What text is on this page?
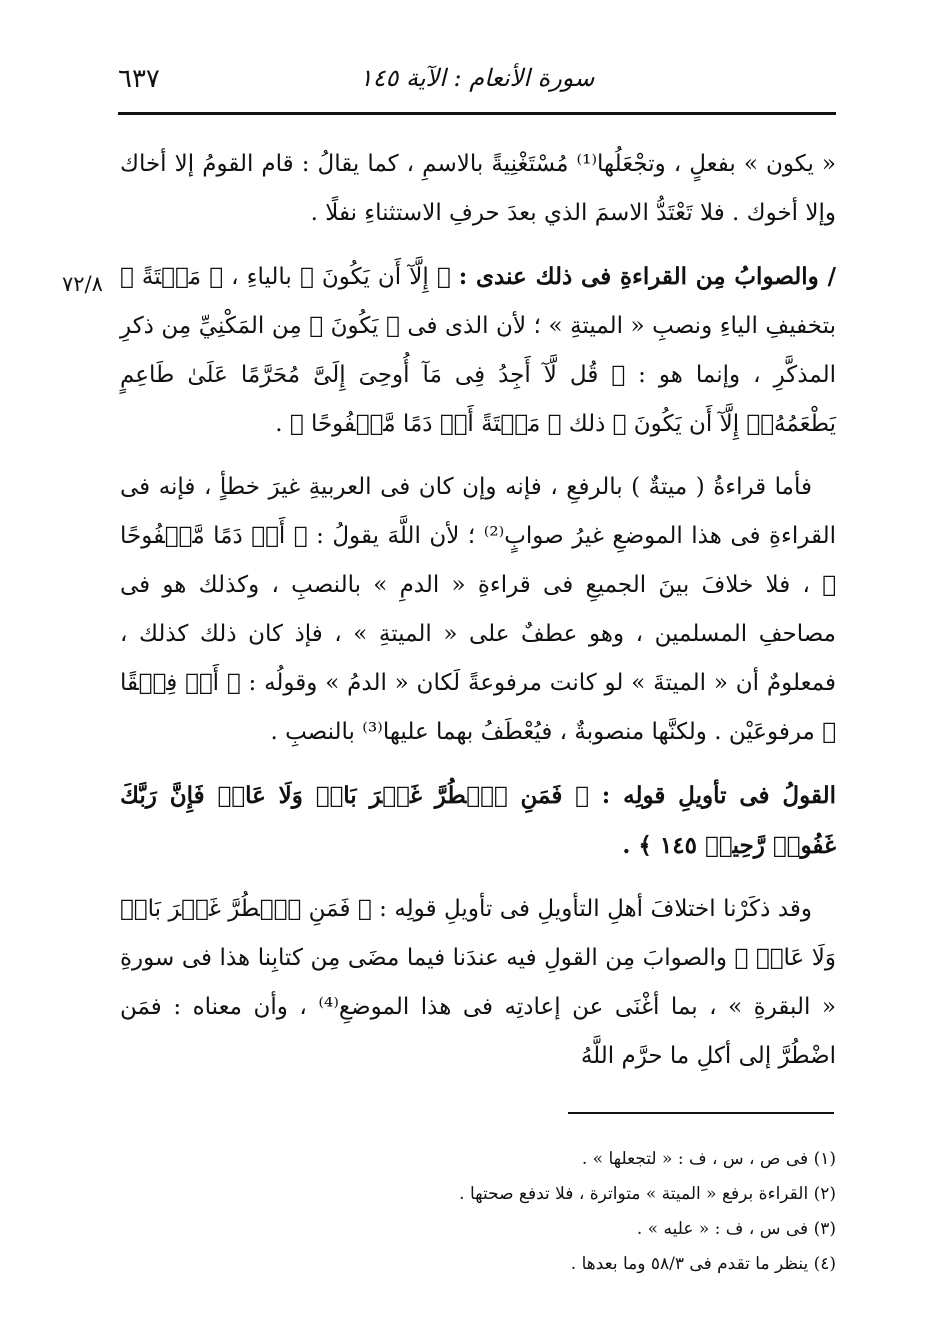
سورة الأنعام : الآية ١٤٥
٦٣٧
٧٢/٨

« يكون » بفعلٍ ، وتجْعَلُها⁽¹⁾ مُسْتَغْنِيةً بالاسمِ ، كما يقالُ : قام القومُ إلا أخاك وإلا أخوك . فلا تَعْتَدُّ الاسمَ الذي بعدَ حرفِ الاستثناءِ نفلًا .

/ والصوابُ مِن القراءةِ فى ذلك عندى : ﴿ إِلَّآ أَن يَكُونَ ﴾ بالياءِ ، ﴿ مَيۡتَةً ﴾ بتخفيفِ الياءِ ونصبِ « الميتةِ » ؛ لأن الذى فى ﴿ يَكُونَ ﴾ مِن المَكْنِيِّ مِن ذكرِ المذكَّرِ ، وإنما هو : ﴿ قُل لَّآ أَجِدُ فِى مَآ أُوحِىَ إِلَىَّ مُحَرَّمًا عَلَىٰ طَاعِمٍ يَطْعَمُهُۥٓ إِلَّآ أَن يَكُونَ ﴾ ذلك ﴿ مَيۡتَةً أَوۡ دَمًا مَّسۡفُوحًا ﴾ .

فأما قراءةُ ( ميتةٌ ) بالرفعِ ، فإنه وإن كان فى العربيةِ غيرَ خطأٍ ، فإنه فى القراءةِ فى هذا الموضعِ غيرُ صوابٍ⁽²⁾ ؛ لأن اللَّهَ يقولُ : ﴿ أَوۡ دَمًا مَّسۡفُوحًا ﴾ ، فلا خلافَ بينَ الجميعِ فى قراءةِ « الدمِ » بالنصبِ ، وكذلك هو فى مصاحفِ المسلمين ، وهو عطفٌ على « الميتةِ » ، فإذ كان ذلك كذلك ، فمعلومٌ أن « الميتةَ » لو كانت مرفوعةً لَكان « الدمُ » وقولُه : ﴿ أَوۡ فِسۡقًا ﴾ مرفوعَيْن . ولكنَّها منصوبةٌ ، فيُعْطَفُ بهما عليها⁽³⁾ بالنصبِ .

القولُ فى تأويلِ قولِه : ﴿ فَمَنِ ٱضۡطُرَّ غَيۡرَ بَاغٖ وَلَا عَادٖ فَإِنَّ رَبَّكَ غَفُورٞ رَّحِيمٞ ١٤٥ ﴾ .

وقد ذكَرْنا اختلافَ أهلِ التأويلِ فى تأويلِ قولِه : ﴿ فَمَنِ ٱضۡطُرَّ غَيۡرَ بَاغٖ وَلَا عَادٖ ﴾ والصوابَ مِن القولِ فيه عندَنا فيما مضَى مِن كتابِنا هذا فى سورةِ « البقرةِ » ، بما أغْنَى عن إعادتِه فى هذا الموضعِ⁽⁴⁾ ، وأن معناه : فمَن اضْطُرَّ إلى أكلِ ما حرَّم اللَّهُ

(١) فى ص ، س ، ف : « لتجعلها » .

(٢) القراءة برفع « الميتة » متواترة ، فلا تدفع صحتها .

(٣) فى س ، ف : « عليه » .

(٤) ينظر ما تقدم فى ٥٨/٣ وما بعدها .
